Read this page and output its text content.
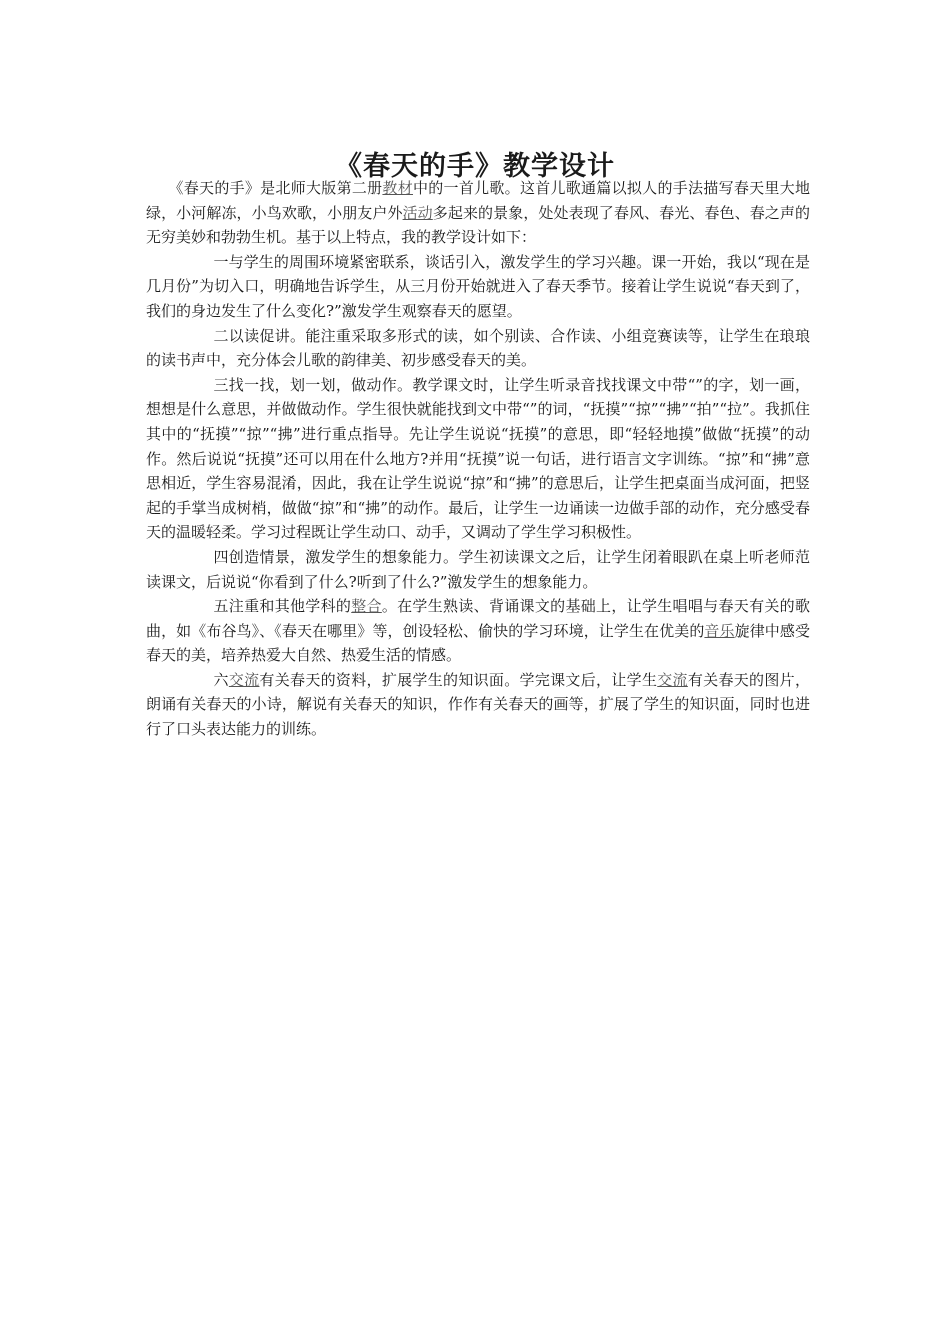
《春天的手》教学设计

《春天的手》是北师大版第二册教材中的一首儿歌。这首儿歌通篇以拟人的手法描写春天里大地绿，小河解冻，小鸟欢歌，小朋友户外活动多起来的景象，处处表现了春风、春光、春色、春之声的无穷美妙和勃勃生机。基于以上特点，我的教学设计如下：

一与学生的周围环境紧密联系，谈话引入，激发学生的学习兴趣。课一开始，我以“现在是几月份”为切入口，明确地告诉学生，从三月份开始就进入了春天季节。接着让学生说说“春天到了，我们的身边发生了什么变化?”激发学生观察春天的愿望。

二以读促讲。能注重采取多形式的读，如个别读、合作读、小组竞赛读等，让学生在琅琅的读书声中，充分体会儿歌的韵律美、初步感受春天的美。

三找一找，划一划，做动作。教学课文时，让学生听录音找找课文中带“”的字，划一画，想想是什么意思，并做做动作。学生很快就能找到文中带“”的词，“抚摸”“掠”“拂”“拍”“拉”。我抓住其中的“抚摸”“掠”“拂”进行重点指导。先让学生说说“抚摸”的意思，即“轻轻地摸”做做“抚摸”的动作。然后说说“抚摸”还可以用在什么地方?并用“抚摸”说一句话，进行语言文字训练。“掠”和“拂”意思相近，学生容易混淆，因此，我在让学生说说“掠”和“拂”的意思后，让学生把桌面当成河面，把竖起的手掌当成树梢，做做“掠”和“拂”的动作。最后，让学生一边诵读一边做手部的动作，充分感受春天的温暖轻柔。学习过程既让学生动口、动手，又调动了学生学习积极性。

四创造情景，激发学生的想象能力。学生初读课文之后，让学生闭着眼趴在桌上听老师范读课文，后说说“你看到了什么?听到了什么?”激发学生的想象能力。

五注重和其他学科的整合。在学生熟读、背诵课文的基础上，让学生唱唱与春天有关的歌曲，如《布谷鸟》、《春天在哪里》等，创设轻松、偷快的学习环境，让学生在优美的音乐旋律中感受春天的美，培养热爱大自然、热爱生活的情感。

六交流有关春天的资料，扩展学生的知识面。学完课文后，让学生交流有关春天的图片，朗诵有关春天的小诗，解说有关春天的知识，作作有关春天的画等，扩展了学生的知识面，同时也进行了口头表达能力的训练。
